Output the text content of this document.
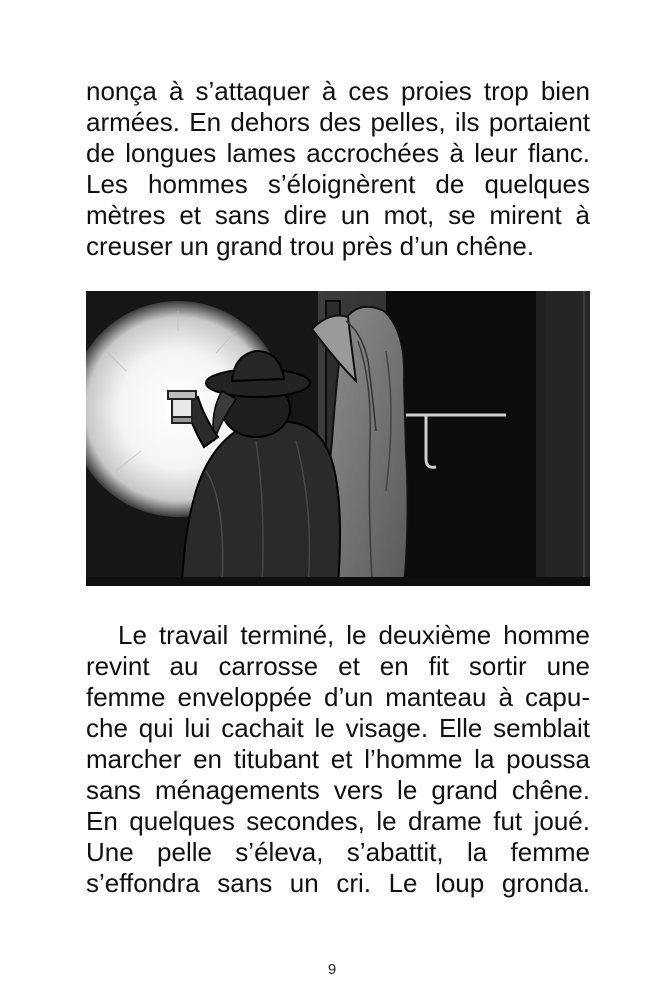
nonça à s’attaquer à ces proies trop bien
armées. En dehors des pelles, ils portaient
de longues lames accrochées à leur flanc.
Les hommes s’éloignèrent de quelques
mètres et sans dire un mot, se mirent à
creuser un grand trou près d’un chêne.
Le travail terminé, le deuxième homme
revint au carrosse et en fit sortir une
femme enveloppée d’un manteau à capu-
che qui lui cachait le visage. Elle semblait
marcher en titubant et l’homme la poussa
sans ménagements vers le grand chêne.
En quelques secondes, le drame fut joué.
Une pelle s’éleva, s’abattit, la femme
s’effondra sans un cri. Le loup gronda.
9
